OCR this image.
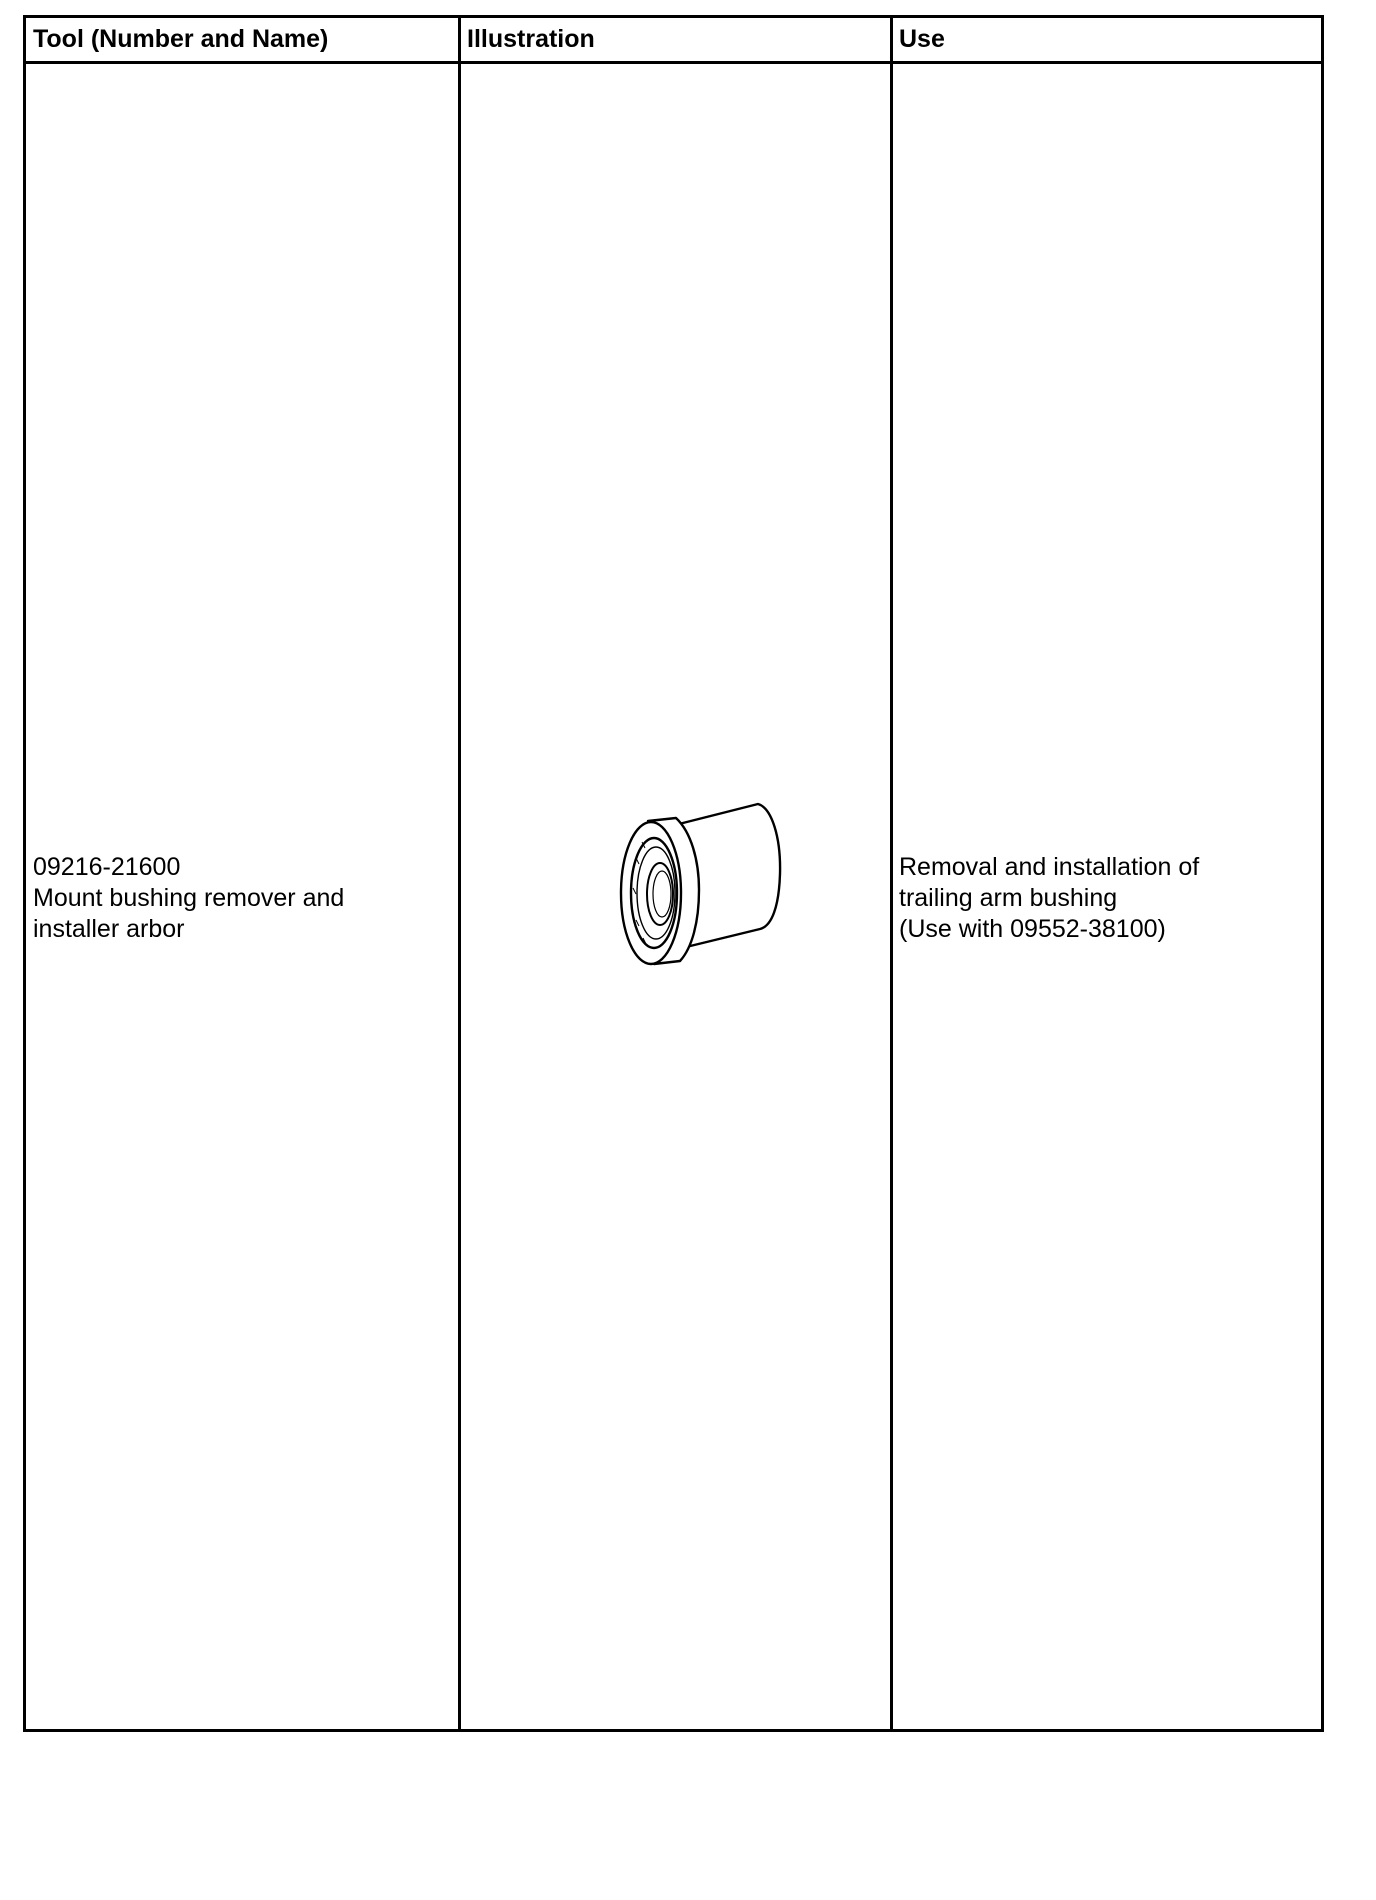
Tool (Number and Name)	Illustration	Use
09216-21600
Mount bushing remover and
installer arbor
Removal and installation of
trailing arm bushing
(Use with 09552-38100)
